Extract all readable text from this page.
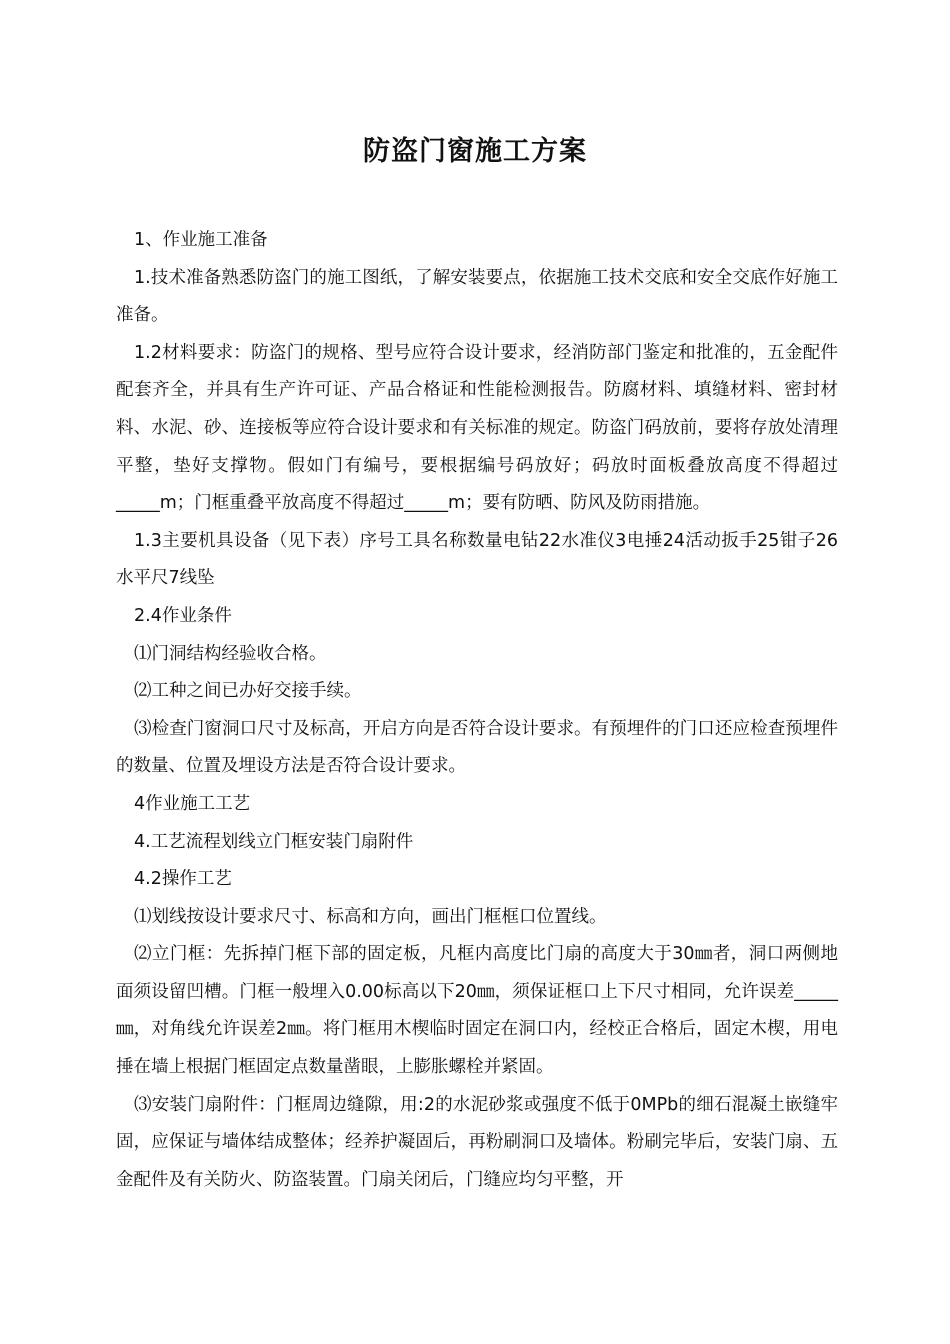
防盗门窗施工方案

1、作业施工准备

1.技术准备熟悉防盗门的施工图纸，了解安装要点，依据施工技术交底和安全交底作好施工准备。

1.2材料要求：防盗门的规格、型号应符合设计要求，经消防部门鉴定和批准的，五金配件配套齐全，并具有生产许可证、产品合格证和性能检测报告。防腐材料、填缝材料、密封材料、水泥、砂、连接板等应符合设计要求和有关标准的规定。防盗门码放前，要将存放处清理平整，垫好支撑物。假如门有编号，要根据编号码放好；码放时面板叠放高度不得超过_____m；门框重叠平放高度不得超过_____m；要有防晒、防风及防雨措施。

1.3主要机具设备（见下表）序号工具名称数量电钻22水准仪3电捶24活动扳手25钳子26水平尺7线坠

2.4作业条件

⑴门洞结构经验收合格。

⑵工种之间已办好交接手续。

⑶检查门窗洞口尺寸及标高，开启方向是否符合设计要求。有预埋件的门口还应检查预埋件的数量、位置及埋设方法是否符合设计要求。

4作业施工工艺

4.工艺流程划线立门框安装门扇附件

4.2操作工艺

⑴划线按设计要求尺寸、标高和方向，画出门框框口位置线。

⑵立门框：先拆掉门框下部的固定板，凡框内高度比门扇的高度大于30㎜者，洞口两侧地面须设留凹槽。门框一般埋入0.00标高以下20㎜，须保证框口上下尺寸相同，允许误差_____㎜，对角线允许误差2㎜。将门框用木楔临时固定在洞口内，经校正合格后，固定木楔，用电捶在墙上根据门框固定点数量凿眼，上膨胀螺栓并紧固。

⑶安装门扇附件：门框周边缝隙，用:2的水泥砂浆或强度不低于0MPb的细石混凝土嵌缝牢固，应保证与墙体结成整体；经养护凝固后，再粉刷洞口及墙体。粉刷完毕后，安装门扇、五金配件及有关防火、防盗装置。门扇关闭后，门缝应均匀平整，开
